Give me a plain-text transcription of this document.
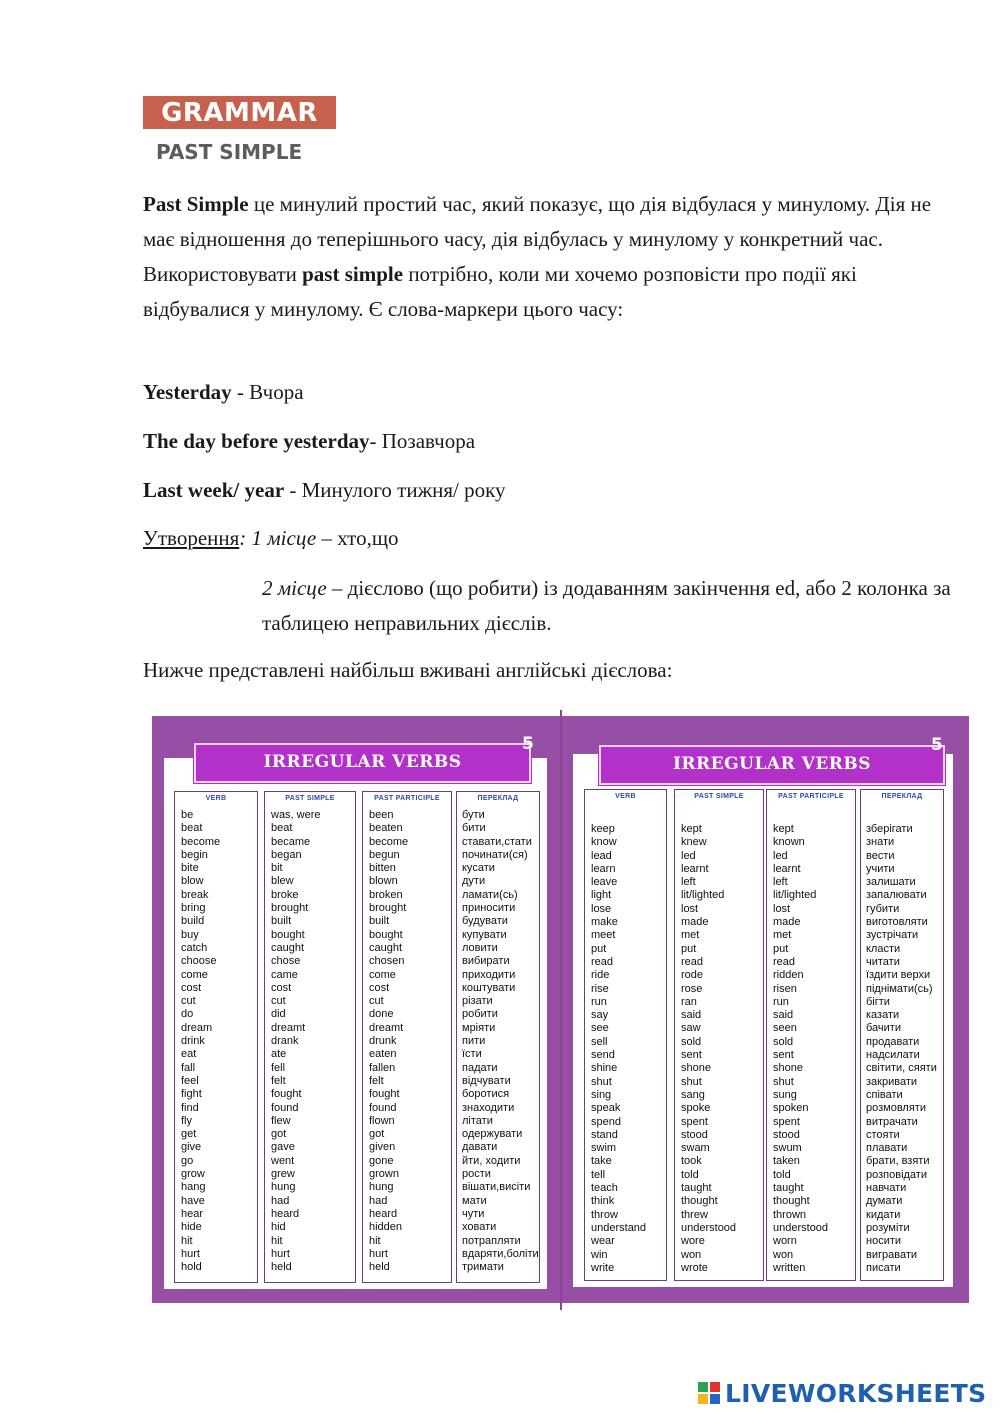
GRAMMAR
PAST SIMPLE
Past Simple це минулий простий час, який показує, що дія відбулася у минулому. Дія не має відношення до теперішнього часу, дія відбулась у минулому у конкретний час. Використовувати past simple потрібно, коли ми хочемо розповісти про події які відбувалися у минулому. Є слова-маркери цього часу:
Yesterday - Вчора
The day before yesterday- Позавчора
Last week/ year - Минулого тижня/ року
Утворення: 1 місце – хто,що
2 місце – дієслово (що робити) із додаванням закінчення ed, або 2 колонка за таблицею неправильних дієслів.
Нижче представлені найбільш вживані англійські дієслова:
IRREGULAR VERBS	IRREGULAR VERBS
5	5
VERB
be
beat
become
begin
bite
blow
break
bring
build
buy
catch
choose
come
cost
cut
do
dream
drink
eat
fall
feel
fight
find
fly
get
give
go
grow
hang
have
hear
hide
hit
hurt
hold
PAST SIMPLE
was, were
beat
became
began
bit
blew
broke
brought
built
bought
caught
chose
came
cost
cut
did
dreamt
drank
ate
fell
felt
fought
found
flew
got
gave
went
grew
hung
had
heard
hid
hit
hurt
held
PAST PARTICIPLE
been
beaten
become
begun
bitten
blown
broken
brought
built
bought
caught
chosen
come
cost
cut
done
dreamt
drunk
eaten
fallen
felt
fought
found
flown
got
given
gone
grown
hung
had
heard
hidden
hit
hurt
held
ПЕРЕКЛАД
бути
бити
ставати,стати
починати(ся)
кусати
дути
ламати(сь)
приносити
будувати
купувати
ловити
вибирати
приходити
коштувати
різати
робити
мріяти
пити
їсти
падати
відчувати
боротися
знаходити
літати
одержувати
давати
йти, ходити
рости
вішати,висіти
мати
чути
ховати
потрапляти
вдаряти,боліти
тримати
VERB
keep
know
lead
learn
leave
light
lose
make
meet
put
read
ride
rise
run
say
see
sell
send
shine
shut
sing
speak
spend
stand
swim
take
tell
teach
think
throw
understand
wear
win
write
PAST SIMPLE
kept
knew
led
learnt
left
lit/lighted
lost
made
met
put
read
rode
rose
ran
said
saw
sold
sent
shone
shut
sang
spoke
spent
stood
swam
took
told
taught
thought
threw
understood
wore
won
wrote
PAST PARTICIPLE
kept
known
led
learnt
left
lit/lighted
lost
made
met
put
read
ridden
risen
run
said
seen
sold
sent
shone
shut
sung
spoken
spent
stood
swum
taken
told
taught
thought
thrown
understood
worn
won
written
ПЕРЕКЛАД
зберігати
знати
вести
учити
залишати
запалювати
губити
виготовляти
зустрічати
класти
читати
їздити верхи
піднімати(сь)
бігти
казати
бачити
продавати
надсилати
світити, сяяти
закривати
співати
розмовляти
витрачати
стояти
плавати
брати, взяти
розповідати
навчати
думати
кидати
розуміти
носити
вигравати
писати
LIVEWORKSHEETS
